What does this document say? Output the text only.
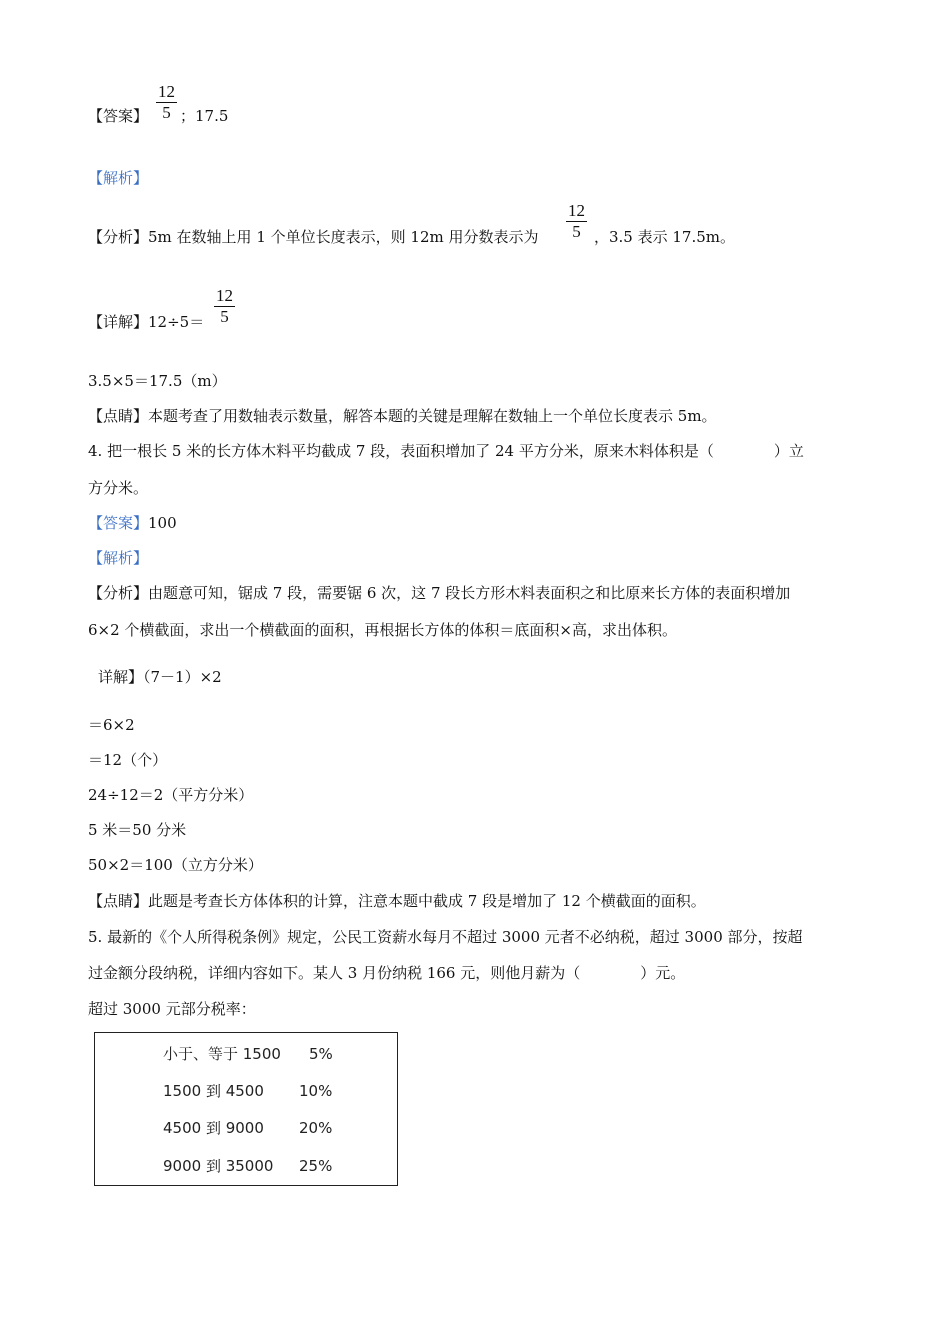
【答案】 $\frac{12}{5}$ ；17.5
【解析】
【分析】5m 在数轴上用 1 个单位长度表示，则 12m 用分数表示为 $\frac{12}{5}$ ，3.5 表示 17.5m。
【详解】$12\div 5= \frac{12}{5}$
3.5×5＝17.5（m）
【点睛】本题考查了用数轴表示数量，解答本题的关键是理解在数轴上一个单位长度表示 5m。
4. 把一根长 5 米的长方体木料平均截成 7 段，表面积增加了 24 平方分米，原来木料体积是（　　　　）立
方分米。
【答案】100
【解析】
【分析】由题意可知，锯成 7 段，需要锯 6 次，这 7 段长方形木料表面积之和比原来长方体的表面积增加
6×2 个横截面，求出一个横截面的面积，再根据长方体的体积＝底面积×高，求出体积。
详解】（7－1）×2
＝6×2
＝12（个）
24÷12＝2（平方分米）
5 米＝50 分米
50×2＝100（立方分米）
【点睛】此题是考查长方体体积的计算，注意本题中截成 7 段是增加了 12 个横截面的面积。
5. 最新的《个人所得税条例》规定，公民工资薪水每月不超过 3000 元者不必纳税，超过 3000 部分，按超
过金额分段纳税，详细内容如下。某人 3 月份纳税 166 元，则他月薪为（　　　　）元。
超过 3000 元部分税率：
小于、等于 1500 5%
1500 到 4500 10%
4500 到 9000 20%
9000 到 35000 25%
